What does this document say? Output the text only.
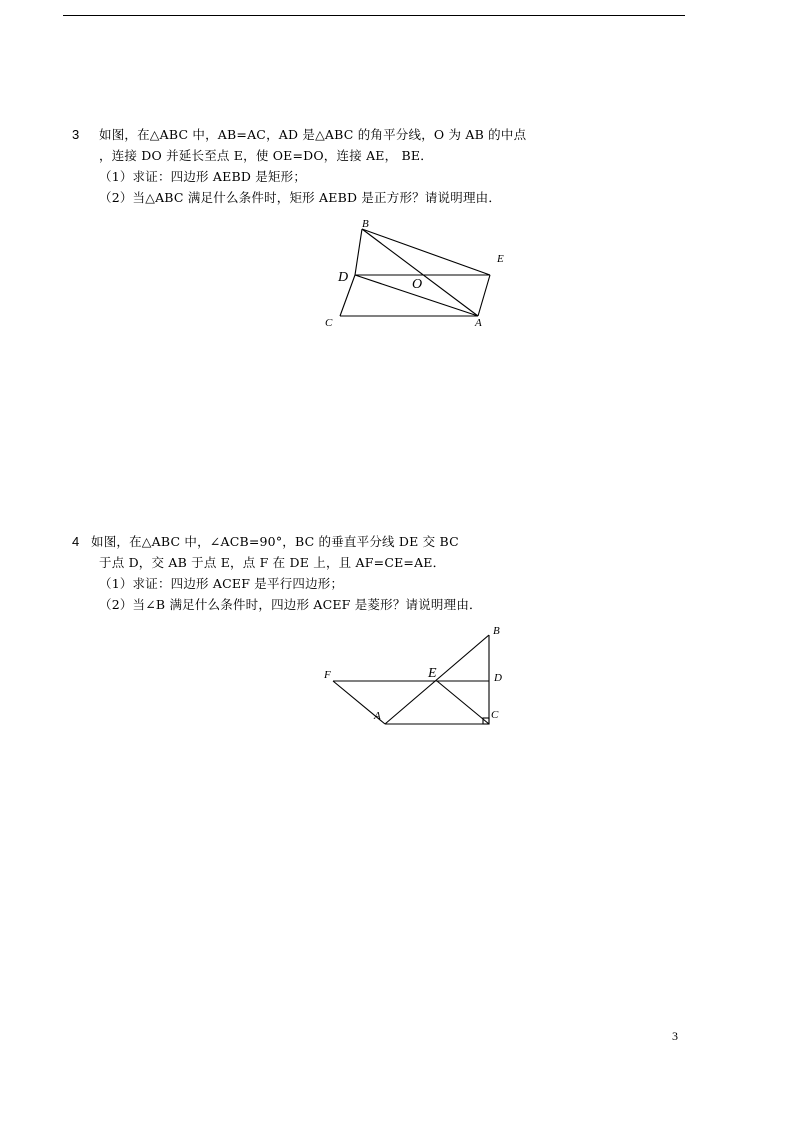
3 如图，在△ABC 中，AB=AC，AD 是△ABC 的角平分线，O 为 AB 的中点
，连接 DO 并延长至点 E，使 OE=DO，连接 AE， BE．
（1）求证：四边形 AEBD 是矩形；
（2）当△ABC 满足什么条件时，矩形 AEBD 是正方形？请说明理由．
B
E
D	O
C	A
4 如图，在△ABC 中，∠ACB=90°，BC 的垂直平分线 DE 交 BC
于点 D，交 AB 于点 E，点 F 在 DE 上，且 AF=CE=AE．
（1）求证：四边形 ACEF 是平行四边形；
（2）当∠B 满足什么条件时，四边形 ACEF 是菱形？请说明理由．
B
F	E	D
A	C
3
